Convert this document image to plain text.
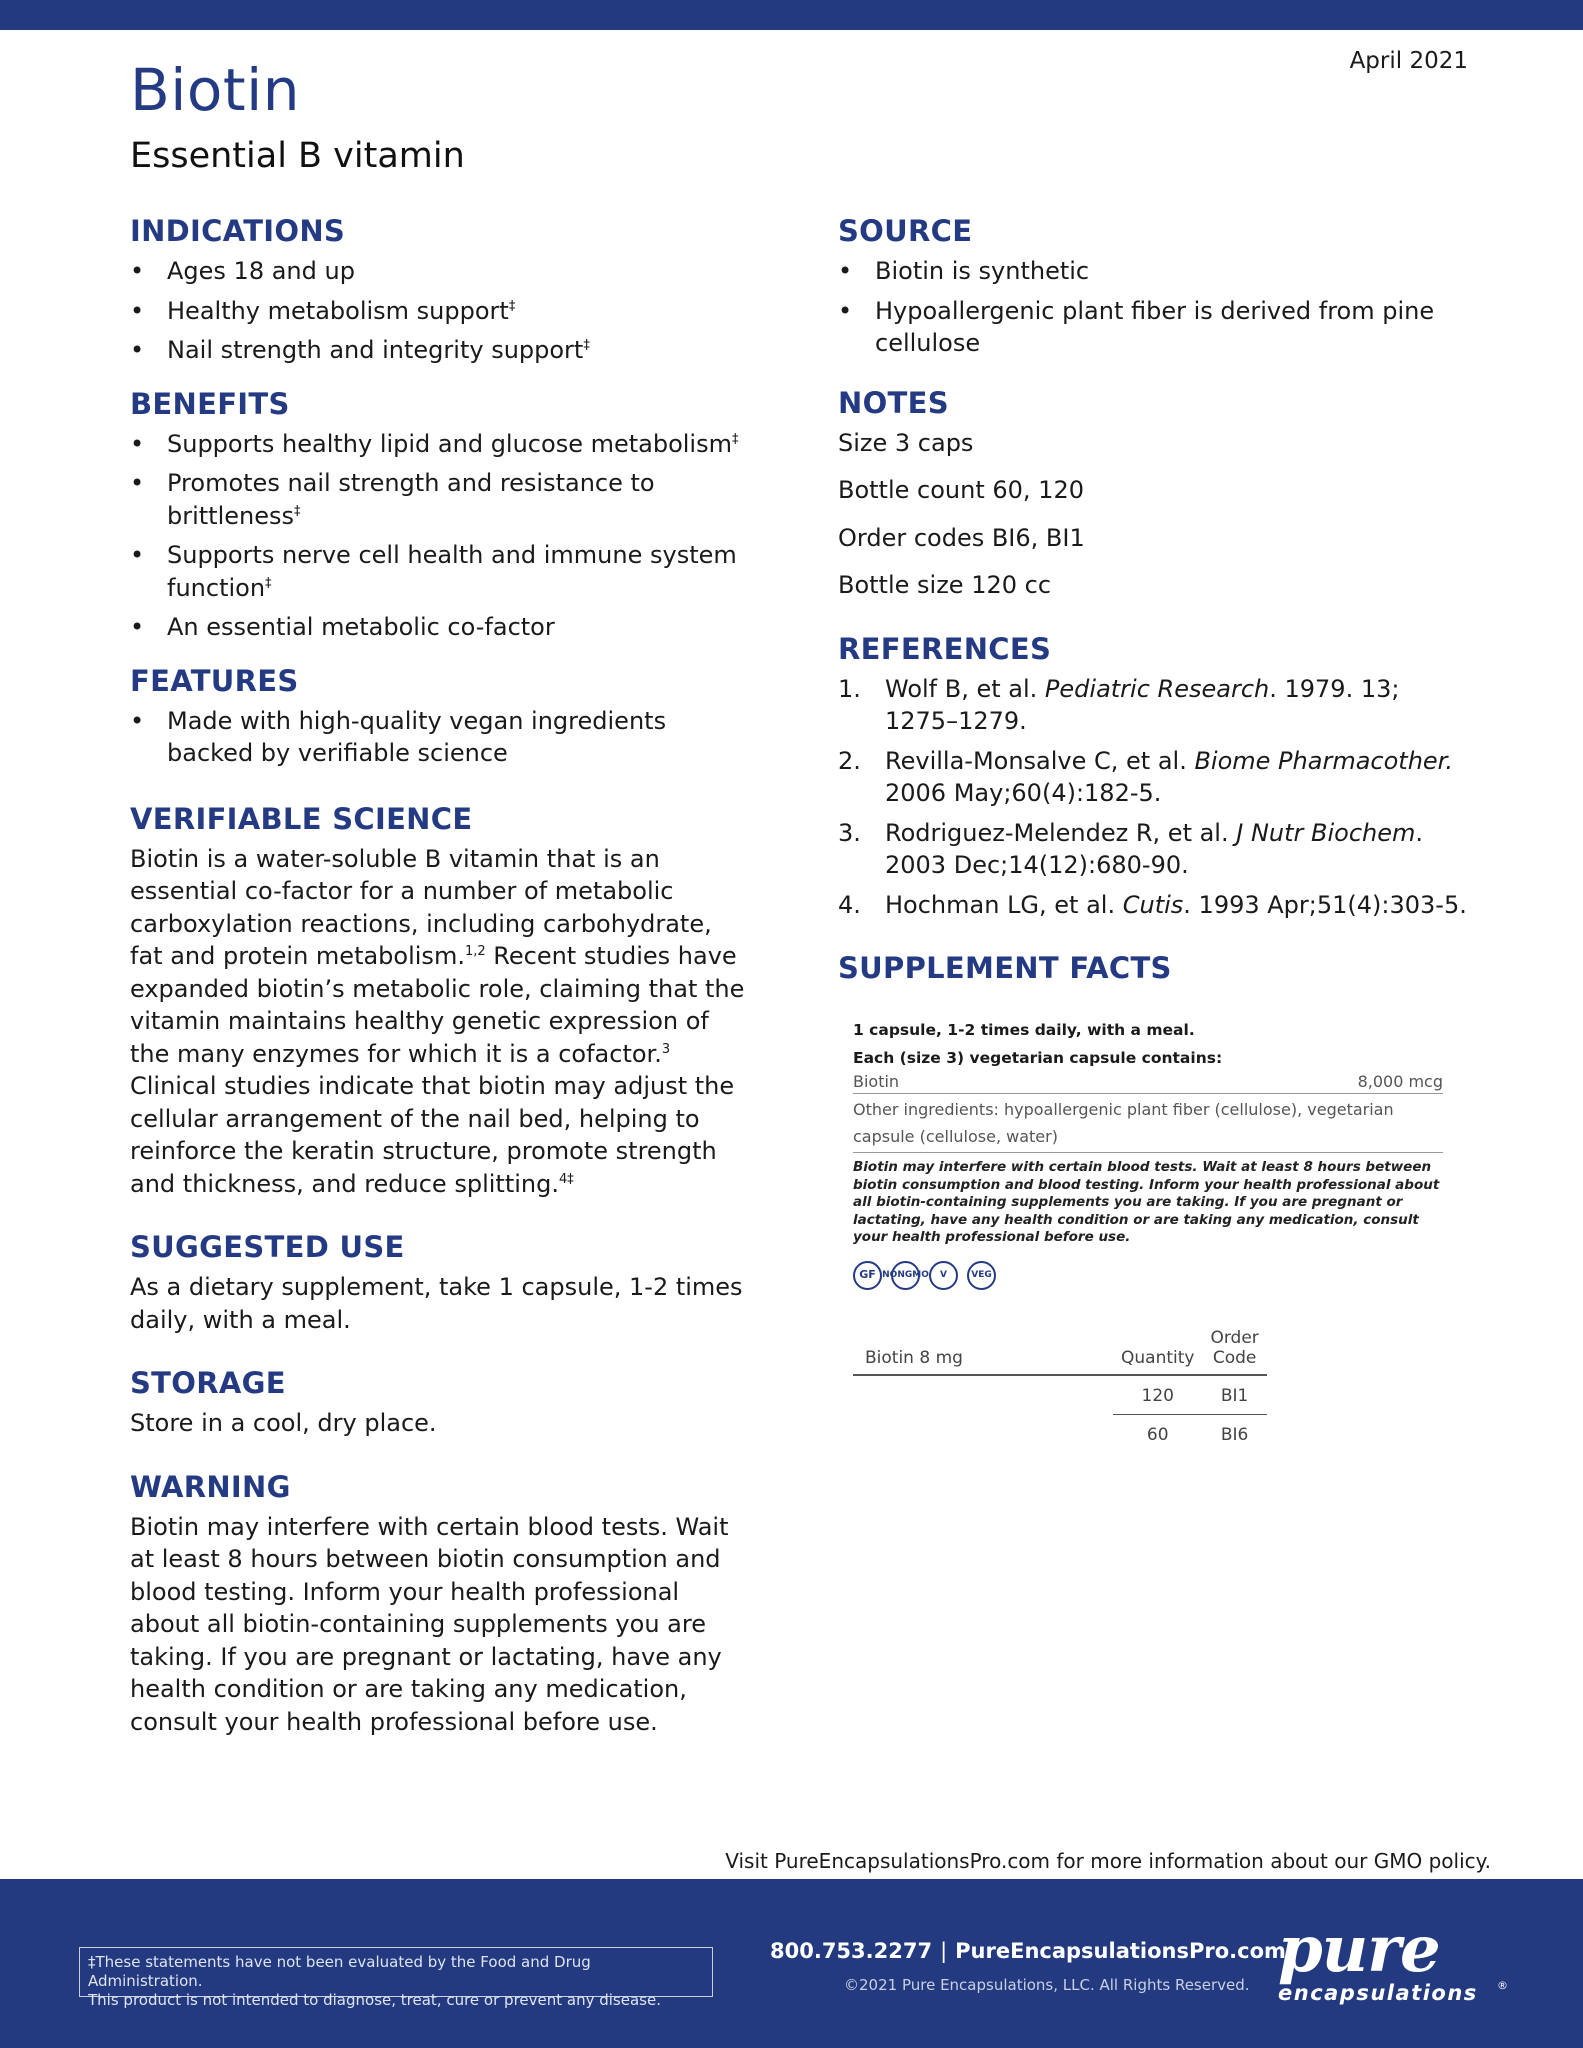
April 2021
Biotin
Essential B vitamin
INDICATIONS
• Ages 18 and up
• Healthy metabolism support‡
• Nail strength and integrity support‡
BENEFITS
• Supports healthy lipid and glucose metabolism‡
• Promotes nail strength and resistance to brittleness‡
• Supports nerve cell health and immune system function‡
• An essential metabolic co-factor
FEATURES
• Made with high-quality vegan ingredients backed by verifiable science
VERIFIABLE SCIENCE

Biotin is a water-soluble B vitamin that is an essential co-factor for a number of metabolic carboxylation reactions, including carbohydrate, fat and protein metabolism.$^{1,2}$ Recent studies have expanded biotin’s metabolic role, claiming that the vitamin maintains healthy genetic expression of the many enzymes for which it is a cofactor.$^3$ Clinical studies indicate that biotin may adjust the cellular arrangement of the nail bed, helping to reinforce the keratin structure, promote strength and thickness, and reduce splitting.$^{4\ddagger}$

SUGGESTED USE

As a dietary supplement, take 1 capsule, 1-2 times daily, with a meal.

STORAGE

Store in a cool, dry place.

WARNING

Biotin may interfere with certain blood tests. Wait at least 8 hours between biotin consumption and blood testing. Inform your health professional about all biotin-containing supplements you are taking. If you are pregnant or lactating, have any health condition or are taking any medication, consult your health professional before use.

SOURCE
• Biotin is synthetic
• Hypoallergenic plant fiber is derived from pine cellulose
NOTES

Size 3 caps

Bottle count 60, 120

Order codes BI6, BI1

Bottle size 120 cc

REFERENCES
1. Wolf B, et al. Pediatric Research. 1979. 13; 1275–1279.
2. Revilla-Monsalve C, et al. Biome Pharmacother. 2006 May;60(4):182-5.
3. Rodriguez-Melendez R, et al. J Nutr Biochem. 2003 Dec;14(12):680-90.
4. Hochman LG, et al. Cutis. 1993 Apr;51(4):303-5.
SUPPLEMENT FACTS

1 capsule, 1-2 times daily, with a meal.

Each (size 3) vegetarian capsule contains:

Biotin	8,000 mcg
Other ingredients: hypoallergenic plant fiber (cellulose), vegetarian capsule (cellulose, water)
Biotin may interfere with certain blood tests. Wait at least 8 hours between biotin consumption and blood testing. Inform your health professional about all biotin-containing supplements you are taking. If you are pregnant or lactating, have any health condition or are taking any medication, consult your health professional before use.
GF NON GMO	V	VEG
Biotin 8 mg	Quantity	Order
Code
	120	BI1
	60	BI6
Visit PureEncapsulationsPro.com for more information about our GMO policy.
‡These statements have not been evaluated by the Food and Drug Administration.
This product is not intended to diagnose, treat, cure or prevent any disease.
800.753.2277 | PureEncapsulationsPro.com
©2021 Pure Encapsulations, LLC. All Rights Reserved. pure
encapsulations	®
